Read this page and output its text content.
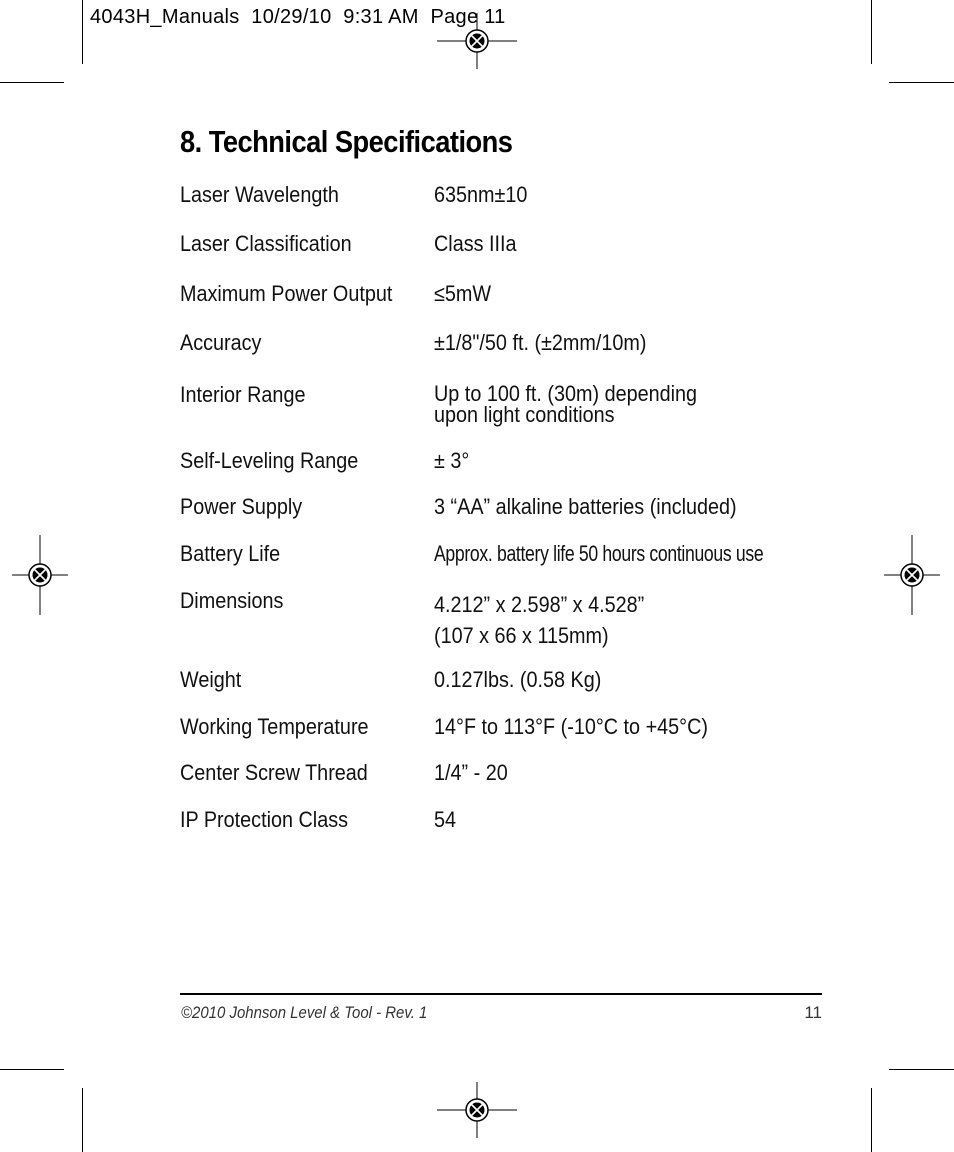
4043H_Manuals 10/29/10 9:31 AM Page 11
8. Technical Specifications
Laser Wavelength	635nm±10
Laser Classification	Class IIIa
Maximum Power Output ≤5mW
Accuracy	±1/8"/50 ft. (±2mm/10m)
Interior Range	Up to 100 ft. (30m) depending
upon light conditions
Self-Leveling Range	± 3°
Power Supply	3 “AA” alkaline batteries (included)
Battery Life	Approx. battery life 50 hours continuous use
Dimensions	4.212” x 2.598” x 4.528”
(107 x 66 x 115mm)
Weight	0.127lbs. (0.58 Kg)
Working Temperature	14°F to 113°F (-10°C to +45°C)
Center Screw Thread	1/4” - 20
IP Protection Class	54
©2010 Johnson Level & Tool - Rev. 1	11
